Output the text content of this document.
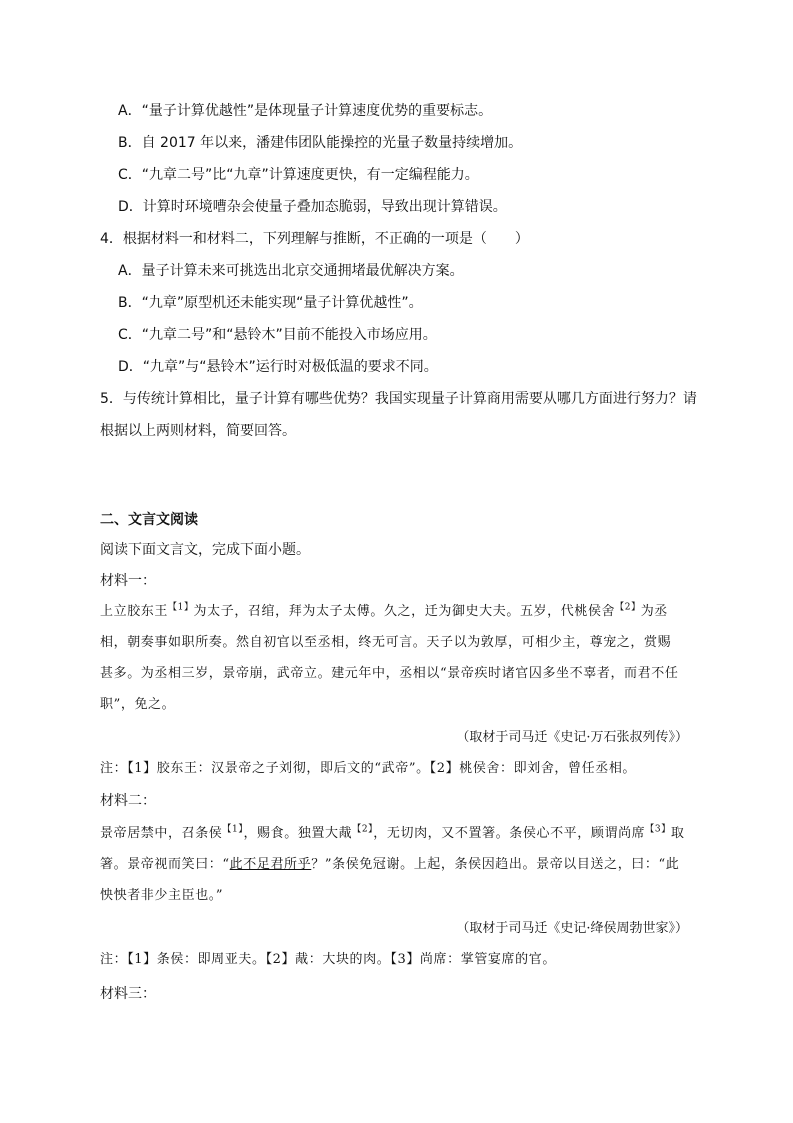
A．“量子计算优越性”是体现量子计算速度优势的重要标志。
B．自 2017 年以来，潘建伟团队能操控的光量子数量持续增加。
C．“九章二号”比“九章”计算速度更快，有一定编程能力。
D．计算时环境嘈杂会使量子叠加态脆弱，导致出现计算错误。
4．根据材料一和材料二，下列理解与推断，不正确的一项是（　　）
A．量子计算未来可挑选出北京交通拥堵最优解决方案。
B．“九章”原型机还未能实现“量子计算优越性”。
C．“九章二号”和“悬铃木”目前不能投入市场应用。
D．“九章”与“悬铃木”运行时对极低温的要求不同。
5．与传统计算相比，量子计算有哪些优势？我国实现量子计算商用需要从哪几方面进行努力？请
根据以上两则材料，简要回答。
二、文言文阅读
阅读下面文言文，完成下面小题。
材料一：
上立胶东王$^{【1】}$为太子，召绾，拜为太子太傅。久之，迁为御史大夫。五岁，代桃侯舍$^{【2】}$为丞
相，朝奏事如职所奏。然自初官以至丞相，终无可言。天子以为敦厚，可相少主，尊宠之，赏赐
甚多。为丞相三岁，景帝崩，武帝立。建元年中，丞相以“景帝疾时诸官囚多坐不辜者，而君不任
职”，免之。
（取材于司马迁《史记·万石张叔列传》）
注：【1】胶东王：汉景帝之子刘彻，即后文的“武帝”。【2】桃侯舍：即刘舍，曾任丞相。
材料二：
景帝居禁中，召条侯$^{【1】}$，赐食。独置大胾$^{【2】}$，无切肉，又不置箸。条侯心不平，顾谓尚席$^{【3】}$取
箸。景帝视而笑曰：“此不足君所乎？”条侯免冠谢。上起，条侯因趋出。景帝以目送之，曰：“此
怏怏者非少主臣也。”
（取材于司马迁《史记·绛侯周勃世家》）
注：【1】条侯：即周亚夫。【2】胾：大块的肉。【3】尚席：掌管宴席的官。
材料三：
